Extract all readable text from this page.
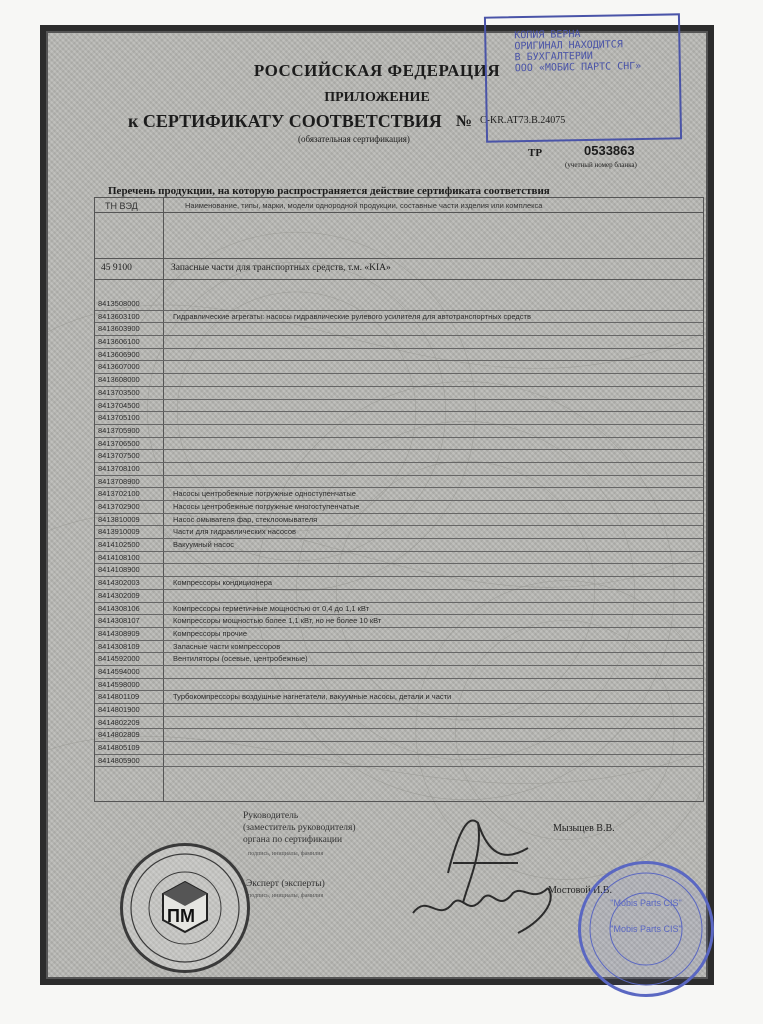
РОССИЙСКАЯ ФЕДЕРАЦИЯ
ПРИЛОЖЕНИЕ
к СЕРТИФИКАТУ СООТВЕТСТВИЯ № C-KR.AT73.B.24075
(обязательная сертификация)
ТР	0533863
(учетный номер бланка)
Перечень продукции, на которую распространяется действие сертификата соответствия
ТН ВЭД	Наименование, типы, марки, модели однородной продукции, составные части изделия или комплекса
45 9100	Запасные части для транспортных средств, т.м. «KIA»
8413508000
8413603100	Гидравлические агрегаты: насосы гидравлические рулевого усилителя для автотранспортных средств
8413603900
8413606100
8413606900
8413607000
8413608000
8413703500
8413704500
8413705100
8413705900
8413706500
8413707500
8413708100
8413708900
8413702100	Насосы центробежные погружные одноступенчатые
8413702900	Насосы центробежные погружные многоступенчатые
8413810009	Насос омывателя фар, стеклоомывателя
8413910009	Части для гидравлических насосов
8414102500	Вакуумный насос
8414108100
8414108900
8414302003	Компрессоры кондиционера
8414302009
8414308106	Компрессоры герметичные мощностью от 0,4 до 1,1 кВт
8414308107	Компрессоры мощностью более 1,1 кВт, но не более 10 кВт
8414308909	Компрессоры прочие
8414308109	Запасные части компрессоров
8414592000	Вентиляторы (осевые, центробежные)
8414594000
8414598000
8414801109	Турбокомпрессоры воздушные нагнетатели, вакуумные насосы, детали и части
8414801900
8414802209
8414802809
8414805109
8414805900
ПМ
Руководитель
(заместитель руководителя)
органа по сертификации
подпись, инициалы, фамилия
Мызыцев В.В.
Эксперт (эксперты)
подпись, инициалы, фамилия	Мостовой И.В.
"Mobis Parts CIS"
"Mobis Parts CIS"
КОПИЯ ВЕРНА
ОРИГИНАЛ НАХОДИТСЯ
В БУХГАЛТЕРИИ
ООО «МОБИС ПАРТС СНГ»
